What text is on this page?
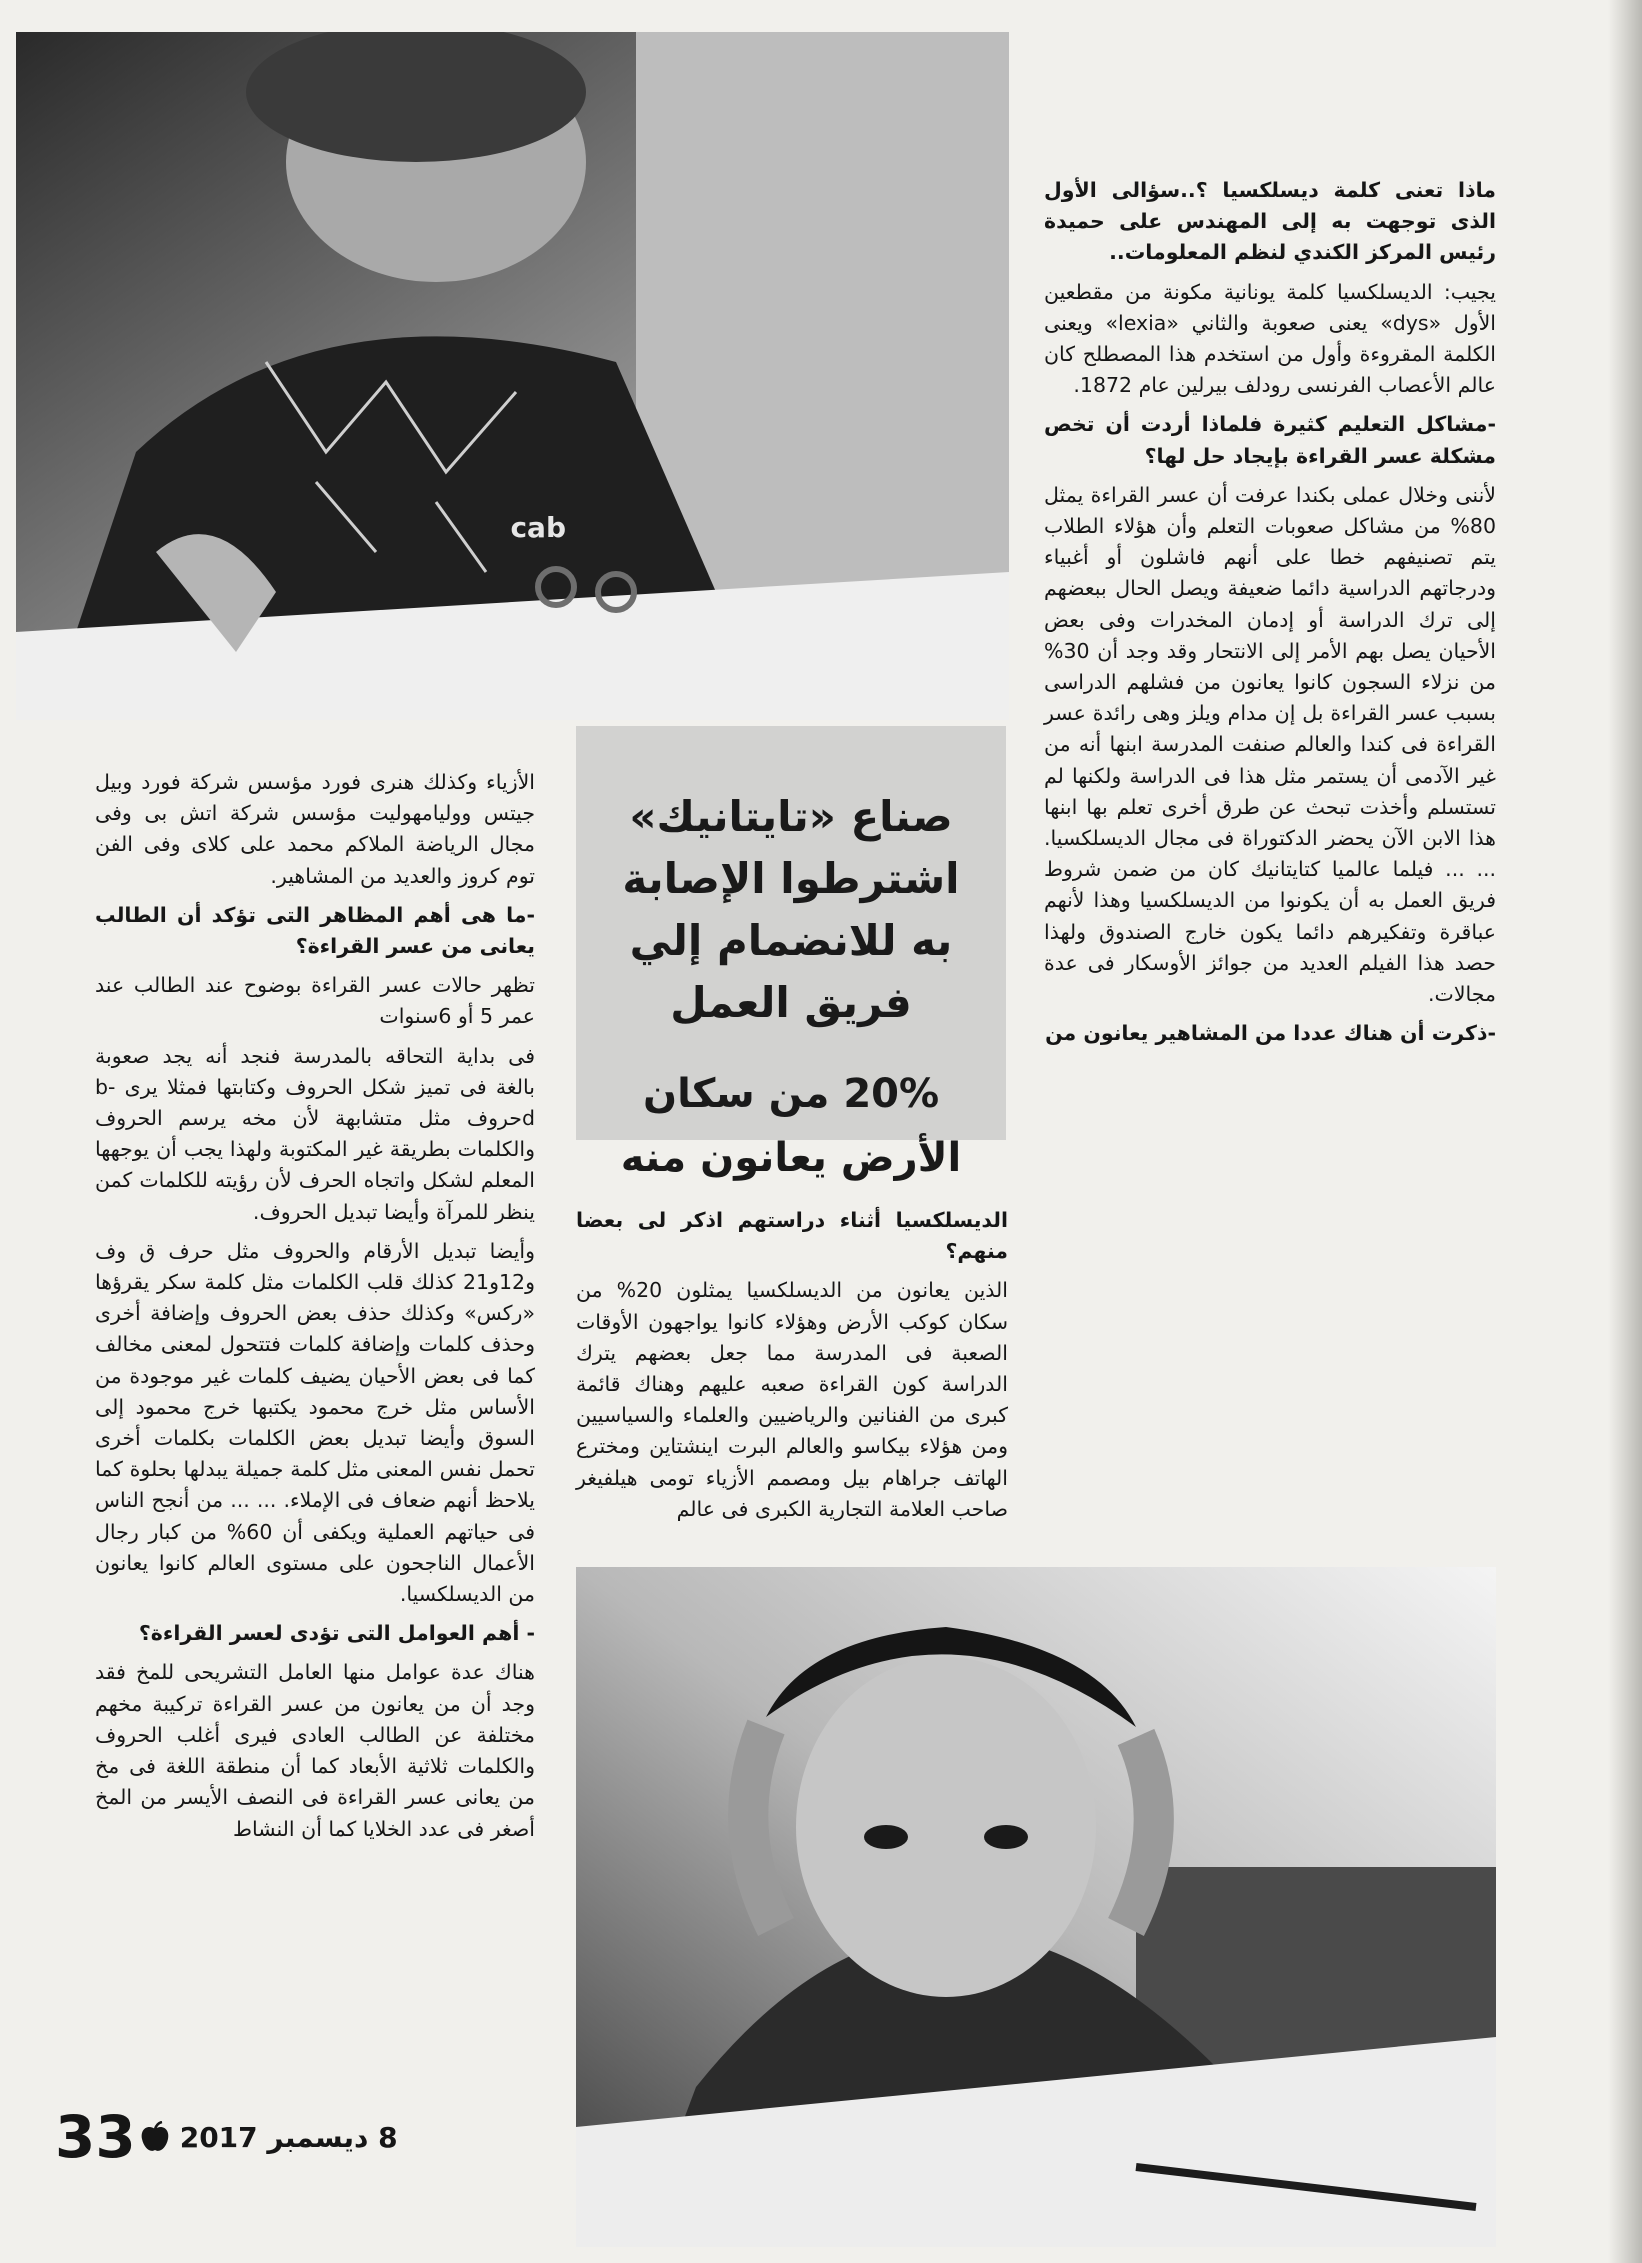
cab
صناع «تايتانيك» اشترطوا الإصابة به للانضمام إلي فريق العمل
20% من سكان الأرض يعانون منه

ماذا تعنى كلمة ديسلكسيا ؟..سؤالى الأول الذى توجهت به إلى المهندس على حميدة رئيس المركز الكندي لنظم المعلومات..

يجيب: الديسلكسيا كلمة يونانية مكونة من مقطعين الأول «dys» يعنى صعوبة والثاني «lexia» ويعنى الكلمة المقروءة وأول من استخدم هذا المصطلح كان عالم الأعصاب الفرنسى رودلف بيرلين عام 1872.

-مشاكل التعليم كثيرة فلماذا أردت أن تخص مشكلة عسر القراءة بإيجاد حل لها؟

لأننى وخلال عملى بكندا عرفت أن عسر القراءة يمثل 80% من مشاكل صعوبات التعلم وأن هؤلاء الطلاب يتم تصنيفهم خطا على أنهم فاشلون أو أغبياء ودرجاتهم الدراسية دائما ضعيفة ويصل الحال ببعضهم إلى ترك الدراسة أو إدمان المخدرات وفى بعض الأحيان يصل بهم الأمر إلى الانتحار وقد وجد أن 30% من نزلاء السجون كانوا يعانون من فشلهم الدراسى بسبب عسر القراءة بل إن مدام ويلز وهى رائدة عسر القراءة فى كندا والعالم صنفت المدرسة ابنها أنه من غير الآدمى أن يستمر مثل هذا فى الدراسة ولكنها لم تستسلم وأخذت تبحث عن طرق أخرى تعلم بها ابنها هذا الابن الآن يحضر الدكتوراة فى مجال الديسلكسيا. ... ... فيلما عالميا كتايتانيك كان من ضمن شروط فريق العمل به أن يكونوا من الديسلكسيا وهذا لأنهم عباقرة وتفكيرهم دائما يكون خارج الصندوق ولهذا حصد هذا الفيلم العديد من جوائز الأوسكار فى عدة مجالات.

-ذكرت أن هناك عددا من المشاهير يعانون من

الديسلكسيا أثناء دراستهم اذكر لى بعضا منهم؟

الذين يعانون من الديسلكسيا يمثلون 20% من سكان كوكب الأرض وهؤلاء كانوا يواجهون الأوقات الصعبة فى المدرسة مما جعل بعضهم يترك الدراسة كون القراءة صعبه عليهم وهناك قائمة كبرى من الفنانين والرياضيين والعلماء والسياسيين ومن هؤلاء بيكاسو والعالم البرت اينشتاين ومخترع الهاتف جراهام بيل ومصمم الأزياء تومى هيلفيغر صاحب العلامة التجارية الكبرى فى عالم

الأزياء وكذلك هنرى فورد مؤسس شركة فورد وبيل جيتس ووليامهوليت مؤسس شركة اتش بى وفى مجال الرياضة الملاكم محمد على كلاى وفى الفن توم كروز والعديد من المشاهير.

-ما هى أهم المظاهر التى تؤكد أن الطالب يعانى من عسر القراءة؟

تظهر حالات عسر القراءة بوضوح عند الطالب عند عمر 5 أو 6سنوات

فى بداية التحاقه بالمدرسة فنجد أنه يجد صعوبة بالغة فى تميز شكل الحروف وكتابتها فمثلا يرى b-dحروف مثل متشابهة لأن مخه يرسم الحروف والكلمات بطريقة غير المكتوبة ولهذا يجب أن يوجهها المعلم لشكل واتجاه الحرف لأن رؤيته للكلمات كمن ينظر للمرآة وأيضا تبديل الحروف.

وأيضا تبديل الأرقام والحروف مثل حرف ق وف و12و21 كذلك قلب الكلمات مثل كلمة سكر يقرؤها «ركس» وكذلك حذف بعض الحروف وإضافة أخرى وحذف كلمات وإضافة كلمات فتتحول لمعنى مخالف كما فى بعض الأحيان يضيف كلمات غير موجودة من الأساس مثل خرج محمود يكتبها خرج محمود إلى السوق وأيضا تبديل بعض الكلمات بكلمات أخرى تحمل نفس المعنى مثل كلمة جميلة يبدلها بحلوة كما يلاحظ أنهم ضعاف فى الإملاء. ... ... من أنجح الناس فى حياتهم العملية ويكفى أن 60% من كبار رجال الأعمال الناجحون على مستوى العالم كانوا يعانون من الديسلكسيا.

- أهم العوامل التى تؤدى لعسر القراءة؟

هناك عدة عوامل منها العامل التشريحى للمخ فقد وجد أن من يعانون من عسر القراءة تركيبة مخهم مختلفة عن الطالب العادى فيرى أغلب الحروف والكلمات ثلاثية الأبعاد كما أن منطقة اللغة فى مخ من يعانى عسر القراءة فى النصف الأيسر من المخ أصغر فى عدد الخلايا كما أن النشاط

33 8 ديسمبر 2017
